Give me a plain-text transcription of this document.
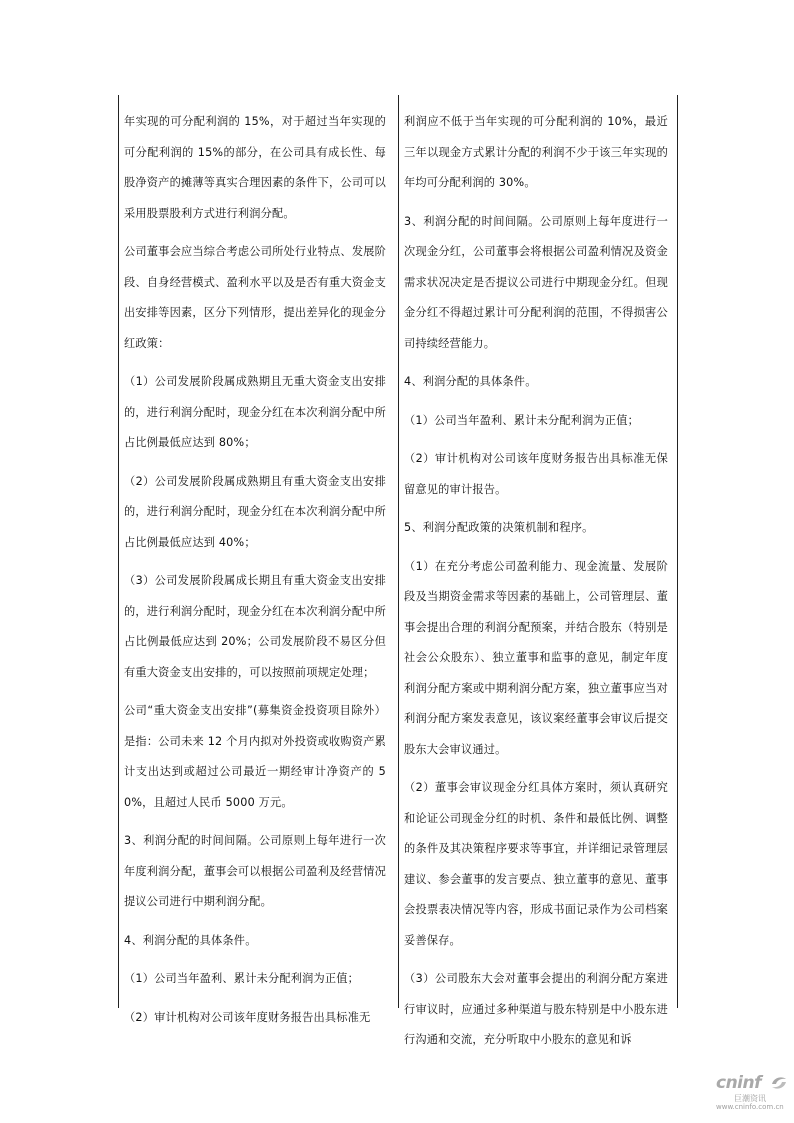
年实现的可分配利润的 15%，对于超过当年实现的可分配利润的 15%的部分，在公司具有成长性、每股净资产的摊薄等真实合理因素的条件下，公司可以采用股票股利方式进行利润分配。

公司董事会应当综合考虑公司所处行业特点、发展阶段、自身经营模式、盈利水平以及是否有重大资金支出安排等因素，区分下列情形，提出差异化的现金分红政策：

（1）公司发展阶段属成熟期且无重大资金支出安排的，进行利润分配时，现金分红在本次利润分配中所占比例最低应达到 80%；

（2）公司发展阶段属成熟期且有重大资金支出安排的，进行利润分配时，现金分红在本次利润分配中所占比例最低应达到 40%；

（3）公司发展阶段属成长期且有重大资金支出安排的，进行利润分配时，现金分红在本次利润分配中所占比例最低应达到 20%；公司发展阶段不易区分但有重大资金支出安排的，可以按照前项规定处理；

公司“重大资金支出安排”(募集资金投资项目除外）是指：公司未来 12 个月内拟对外投资或收购资产累计支出达到或超过公司最近一期经审计净资产的 50%，且超过人民币 5000 万元。

3、利润分配的时间间隔。公司原则上每年进行一次年度利润分配，董事会可以根据公司盈利及经营情况提议公司进行中期利润分配。

4、利润分配的具体条件。

（1）公司当年盈利、累计未分配利润为正值；

（2）审计机构对公司该年度财务报告出具标准无

利润应不低于当年实现的可分配利润的 10%，最近三年以现金方式累计分配的利润不少于该三年实现的年均可分配利润的 30%。

3、利润分配的时间间隔。公司原则上每年度进行一次现金分红，公司董事会将根据公司盈利情况及资金需求状况决定是否提议公司进行中期现金分红。但现金分红不得超过累计可分配利润的范围，不得损害公司持续经营能力。

4、利润分配的具体条件。

（1）公司当年盈利、累计未分配利润为正值；

（2）审计机构对公司该年度财务报告出具标准无保留意见的审计报告。

5、利润分配政策的决策机制和程序。

（1）在充分考虑公司盈利能力、现金流量、发展阶段及当期资金需求等因素的基础上，公司管理层、董事会提出合理的利润分配预案，并结合股东（特别是社会公众股东）、独立董事和监事的意见，制定年度利润分配方案或中期利润分配方案，独立董事应当对利润分配方案发表意见，该议案经董事会审议后提交股东大会审议通过。

（2）董事会审议现金分红具体方案时，须认真研究和论证公司现金分红的时机、条件和最低比例、调整的条件及其决策程序要求等事宜，并详细记录管理层建议、参会董事的发言要点、独立董事的意见、董事会投票表决情况等内容，形成书面记录作为公司档案妥善保存。

（3）公司股东大会对董事会提出的利润分配方案进行审议时，应通过多种渠道与股东特别是中小股东进行沟通和交流，充分听取中小股东的意见和诉

cninf
巨潮资讯
www.cninfo.com.cn
